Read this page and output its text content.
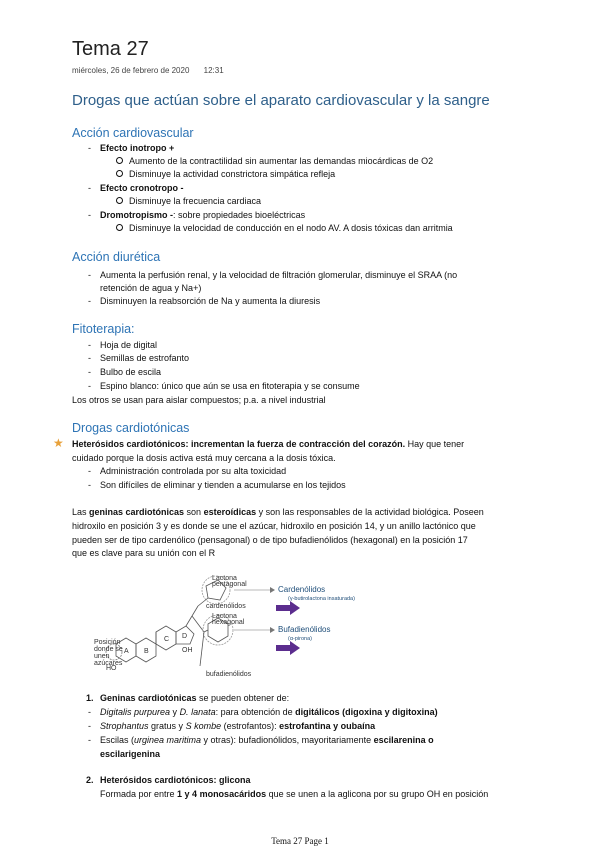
Tema 27
miércoles, 26 de febrero de 2020 12:31
Drogas que actúan sobre el aparato cardiovascular y la sangre
Acción cardiovascular
- Efecto inotropo +
Aumento de la contractilidad sin aumentar las demandas miocárdicas de O2
Disminuye la actividad constrictora simpática refleja
- Efecto cronotropo -
Disminuye la frecuencia cardiaca
- Dromotropismo -: sobre propiedades bioeléctricas
Disminuye la velocidad de conducción en el nodo AV. A dosis tóxicas dan arritmia
Acción diurética
- Aumenta la perfusión renal, y la velocidad de filtración glomerular, disminuye el SRAA (no
retención de agua y Na+)
- Disminuyen la reabsorción de Na y aumenta la diuresis
Fitoterapia:
- Hoja de digital
- Semillas de estrofanto
- Bulbo de escila
- Espino blanco: único que aún se usa en fitoterapia y se consume
Los otros se usan para aislar compuestos; p.a. a nivel industrial
Drogas cardiotónicas
★ Heterósidos cardiotónicos: incrementan la fuerza de contracción del corazón. Hay que tener
cuidado porque la dosis activa está muy cercana a la dosis tóxica.
- Administración controlada por su alta toxicidad
- Son difíciles de eliminar y tienden a acumularse en los tejidos
Las geninas cardiotónicas son esteroídicas y son las responsables de la actividad biológica. Poseen
hidroxilo en posición 3 y es donde se une el azúcar, hidroxilo en posición 14, y un anillo lactónico que
pueden ser de tipo cardenólico (pensagonal) o de tipo bufadienólidos (hexagonal) en la posición 17
que es clave para su unión con el R
Lactona
pentagonal
Lactona
hexagonal
Cardenólidos
(γ-butirolactona insaturada)
cardenólidos
Bufadienólidos
(α-pirona)
bufadienólidos
Posición
donde se
unen
azúcares
A B
C D
OH
HO
1. Geninas cardiotónicas se pueden obtener de:
- Digitalis purpurea y D. lanata: para obtención de digitálicos (digoxina y digitoxina)
- Strophantus gratus y S kombe (estrofantos): estrofantina y oubaína
- Escilas (urginea maritima y otras): bufadionólidos, mayoritariamente escilarenina o
escilarigenina
2. Heterósidos cardiotónicos: glicona
Formada por entre 1 y 4 monosacáridos que se unen a la aglicona por su grupo OH en posición
Tema 27 Page 1
